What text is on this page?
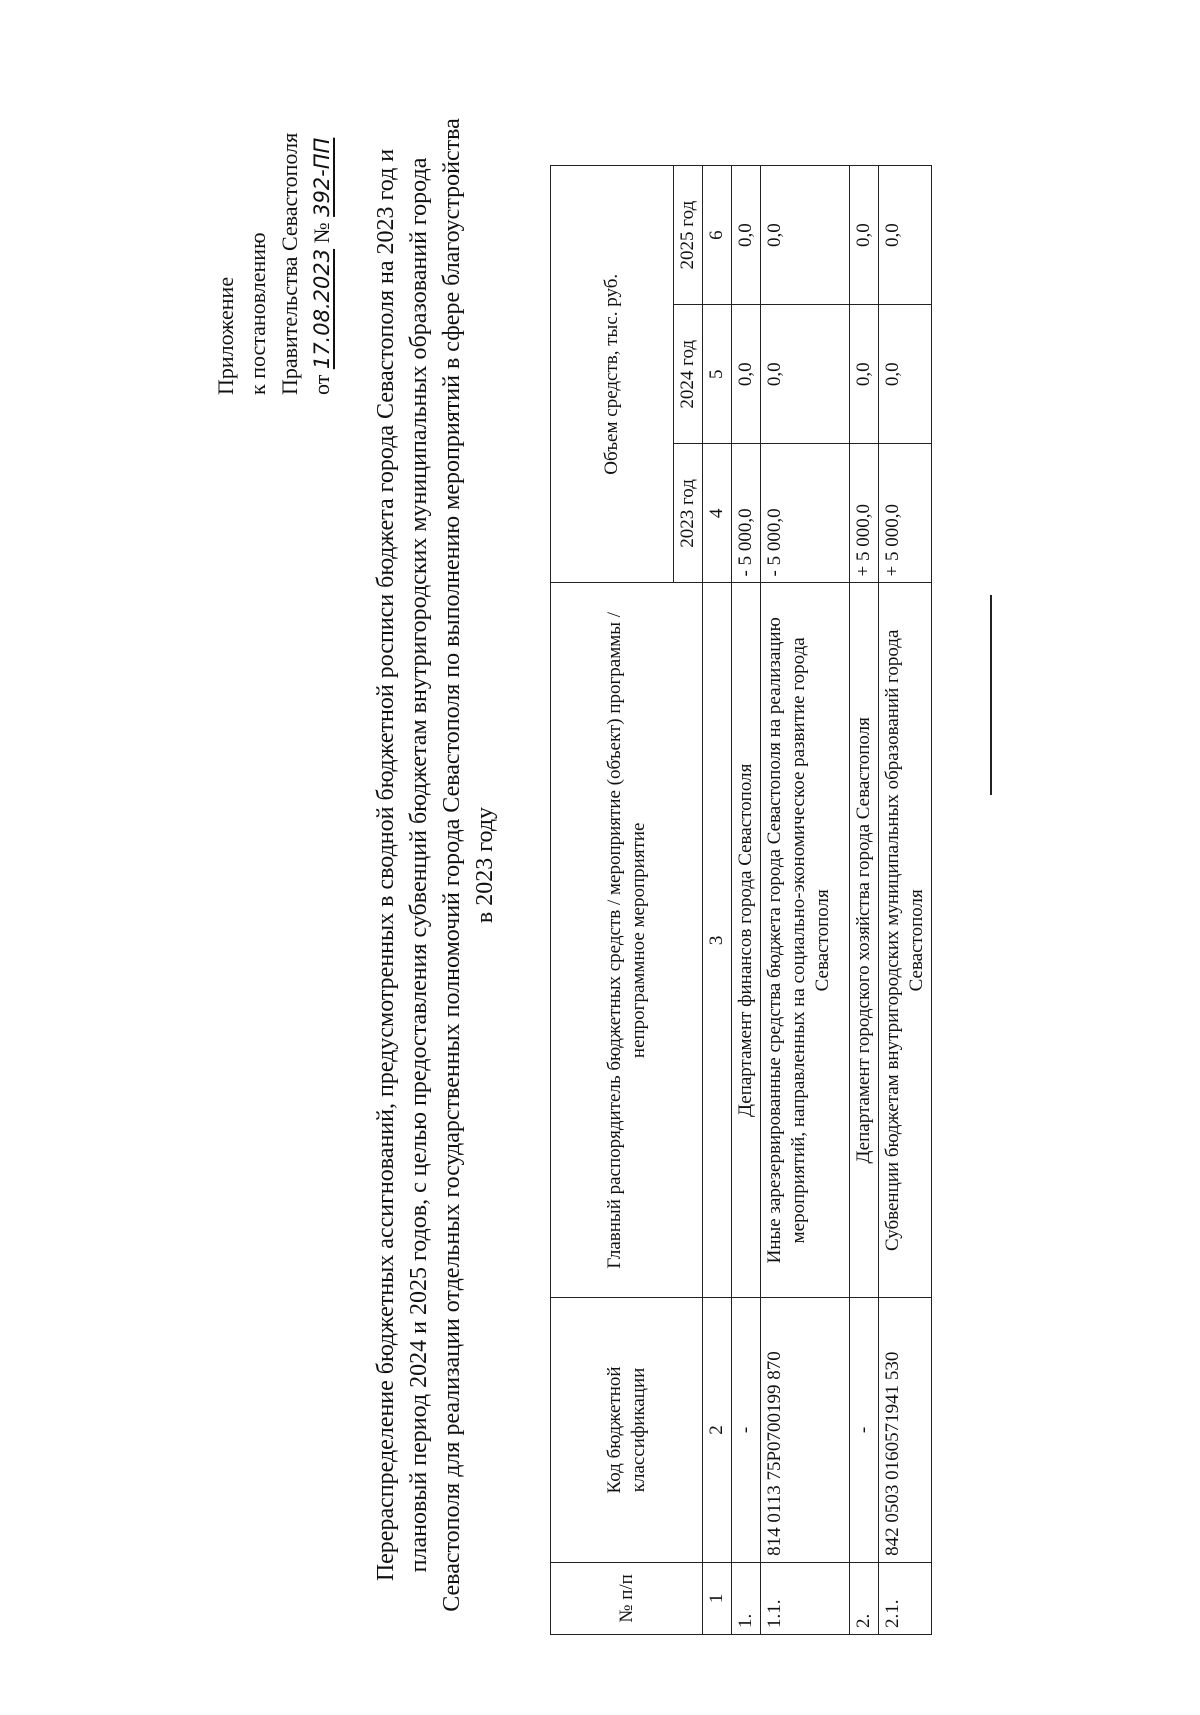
Приложение к постановлению Правительства Севастополя от 17.08.2023 № 392-ПП Перераспределение бюджетных ассигнований, предусмотренных в сводной бюджетной росписи бюджета города Севастополя на 2023 год и плановый период 2024 и 2025 годов, с целью предоставления субвенций бюджетам внутригородских муниципальных образований города Севастополя для реализации отдельных государственных полномочий города Севастополя по выполнению мероприятий в сфере благоустройства в 2023 году
№ п/п	Код бюджетной классификации	Главный распорядитель бюджетных средств / мероприятие (объект) программы / непрограммное мероприятие	Объем средств, тыс. руб.		
			2023 год	2024 год	2025 год
1	2	3	4	5	6
1.	-	Департамент финансов города Севастополя	- 5 000,0	0,0	0,0
1.1.	814 0113 75Р0700199 870	Иные зарезервированные средства бюджета города Севастополя на реализацию мероприятий, направленных на социально-экономическое развитие города Севастополя	- 5 000,0	0,0	0,0
2.	-	Департамент городского хозяйства города Севастополя	+ 5 000,0	0,0	0,0
2.1.	842 0503 0160571941 530	Субвенции бюджетам внутригородских муниципальных образований города Севастополя	+ 5 000,0	0,0	0,0
